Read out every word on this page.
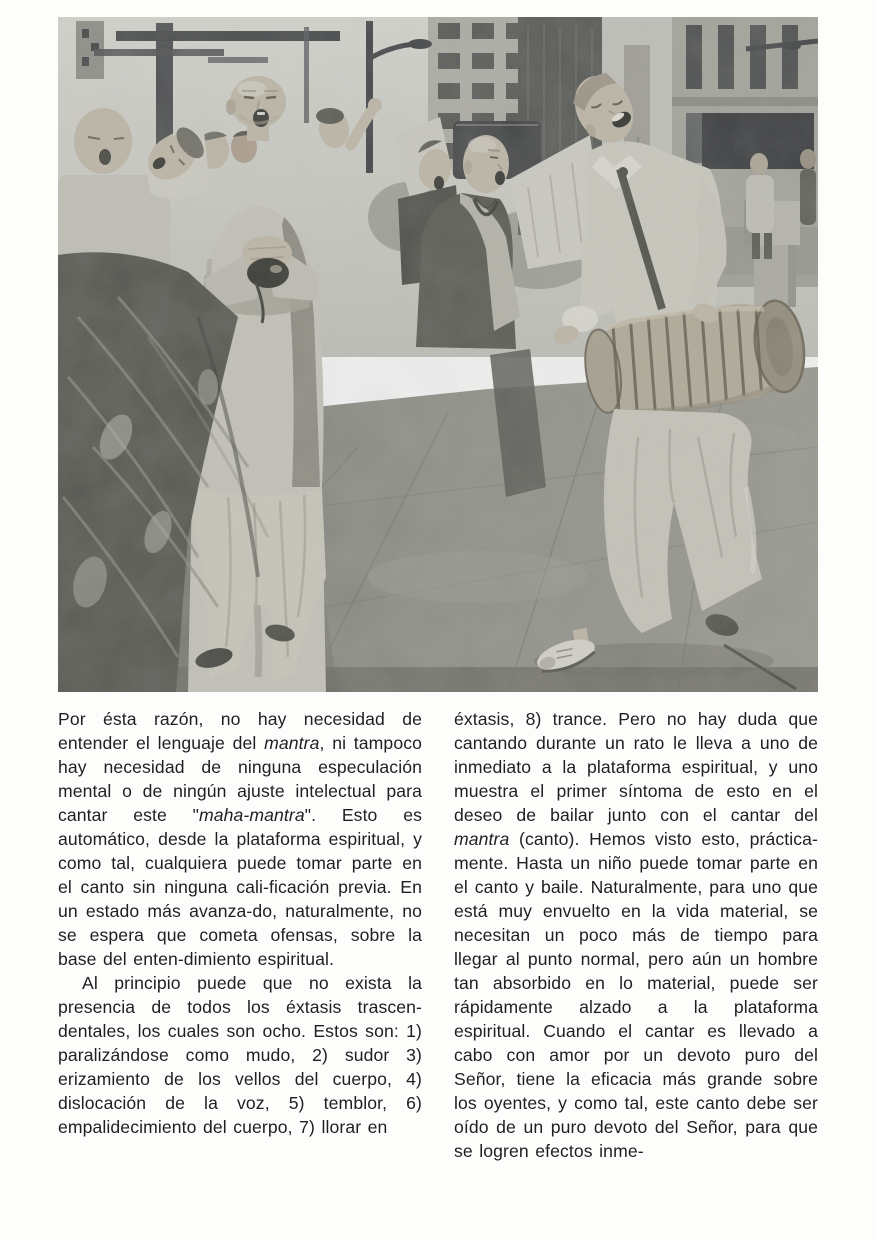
Por ésta razón, no hay necesidad de entender el lenguaje del mantra, ni tampoco hay necesidad de ninguna especulación mental o de ningún ajuste intelectual para cantar este "maha-mantra". Esto es automático, desde la plataforma espiritual, y como tal, cualquiera puede tomar parte en el canto sin ninguna cali-ficación previa. En un estado más avanza-do, naturalmente, no se espera que cometa ofensas, sobre la base del enten-dimiento espiritual.

Al principio puede que no exista la presencia de todos los éxtasis trascen-dentales, los cuales son ocho. Estos son: 1) paralizándose como mudo, 2) sudor 3) erizamiento de los vellos del cuerpo, 4) dislocación de la voz, 5) temblor, 6) empalidecimiento del cuerpo, 7) llorar en

éxtasis, 8) trance. Pero no hay duda que cantando durante un rato le lleva a uno de inmediato a la plataforma espiritual, y uno muestra el primer síntoma de esto en el deseo de bailar junto con el cantar del mantra (canto). Hemos visto esto, práctica-mente. Hasta un niño puede tomar parte en el canto y baile. Naturalmente, para uno que está muy envuelto en la vida material, se necesitan un poco más de tiempo para llegar al punto normal, pero aún un hombre tan absorbido en lo material, puede ser rápidamente alzado a la plataforma espiritual. Cuando el cantar es llevado a cabo con amor por un devoto puro del Señor, tiene la eficacia más grande sobre los oyentes, y como tal, este canto debe ser oído de un puro devoto del Señor, para que se logren efectos inme-
